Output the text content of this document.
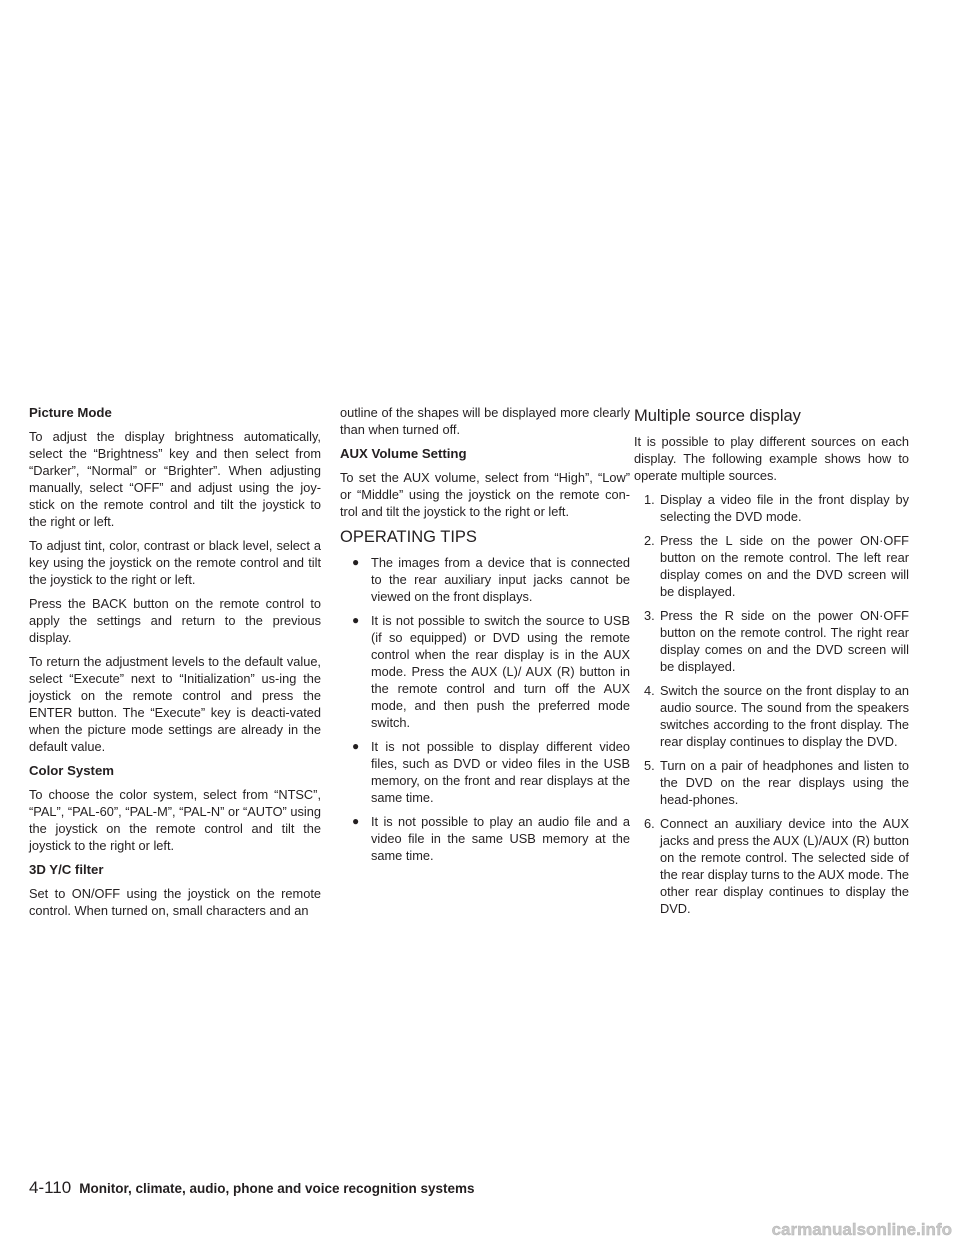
Picture Mode

To adjust the display brightness automatically, select the “Brightness” key and then select from “Darker”, “Normal” or “Brighter”. When adjusting manually, select “OFF” and adjust using the joy-stick on the remote control and tilt the joystick to the right or left.

To adjust tint, color, contrast or black level, select a key using the joystick on the remote control and tilt the joystick to the right or left.

Press the BACK button on the remote control to apply the settings and return to the previous display.

To return the adjustment levels to the default value, select “Execute” next to “Initialization” us-ing the joystick on the remote control and press the ENTER button. The “Execute” key is deacti-vated when the picture mode settings are already in the default value.

Color System

To choose the color system, select from “NTSC”, “PAL”, “PAL-60”, “PAL-M”, “PAL-N” or “AUTO” using the joystick on the remote control and tilt the joystick to the right or left.

3D Y/C filter

Set to ON/OFF using the joystick on the remote control. When turned on, small characters and an

outline of the shapes will be displayed more clearly than when turned off.

AUX Volume Setting

To set the AUX volume, select from “High”, “Low” or “Middle” using the joystick on the remote con-trol and tilt the joystick to the right or left.

OPERATING TIPS
● The images from a device that is connected to the rear auxiliary input jacks cannot be viewed on the front displays.
● It is not possible to switch the source to USB (if so equipped) or DVD using the remote control when the rear display is in the AUX mode. Press the AUX (L)/ AUX (R) button in the remote control and turn off the AUX mode, and then push the preferred mode switch.
● It is not possible to display different video files, such as DVD or video files in the USB memory, on the front and rear displays at the same time.
● It is not possible to play an audio file and a video file in the same USB memory at the same time.
Multiple source display

It is possible to play different sources on each display. The following example shows how to operate multiple sources.

1. Display a video file in the front display by selecting the DVD mode.
2. Press the L side on the power ON·OFF button on the remote control. The left rear display comes on and the DVD screen will be displayed.
3. Press the R side on the power ON·OFF button on the remote control. The right rear display comes on and the DVD screen will be displayed.
4. Switch the source on the front display to an audio source. The sound from the speakers switches according to the front display. The rear display continues to display the DVD.
5. Turn on a pair of headphones and listen to the DVD on the rear displays using the head-phones.
6. Connect an auxiliary device into the AUX jacks and press the AUX (L)/AUX (R) button on the remote control. The selected side of the rear display turns to the AUX mode. The other rear display continues to display the DVD.
4-110 Monitor, climate, audio, phone and voice recognition systems
carmanualsonline.info
